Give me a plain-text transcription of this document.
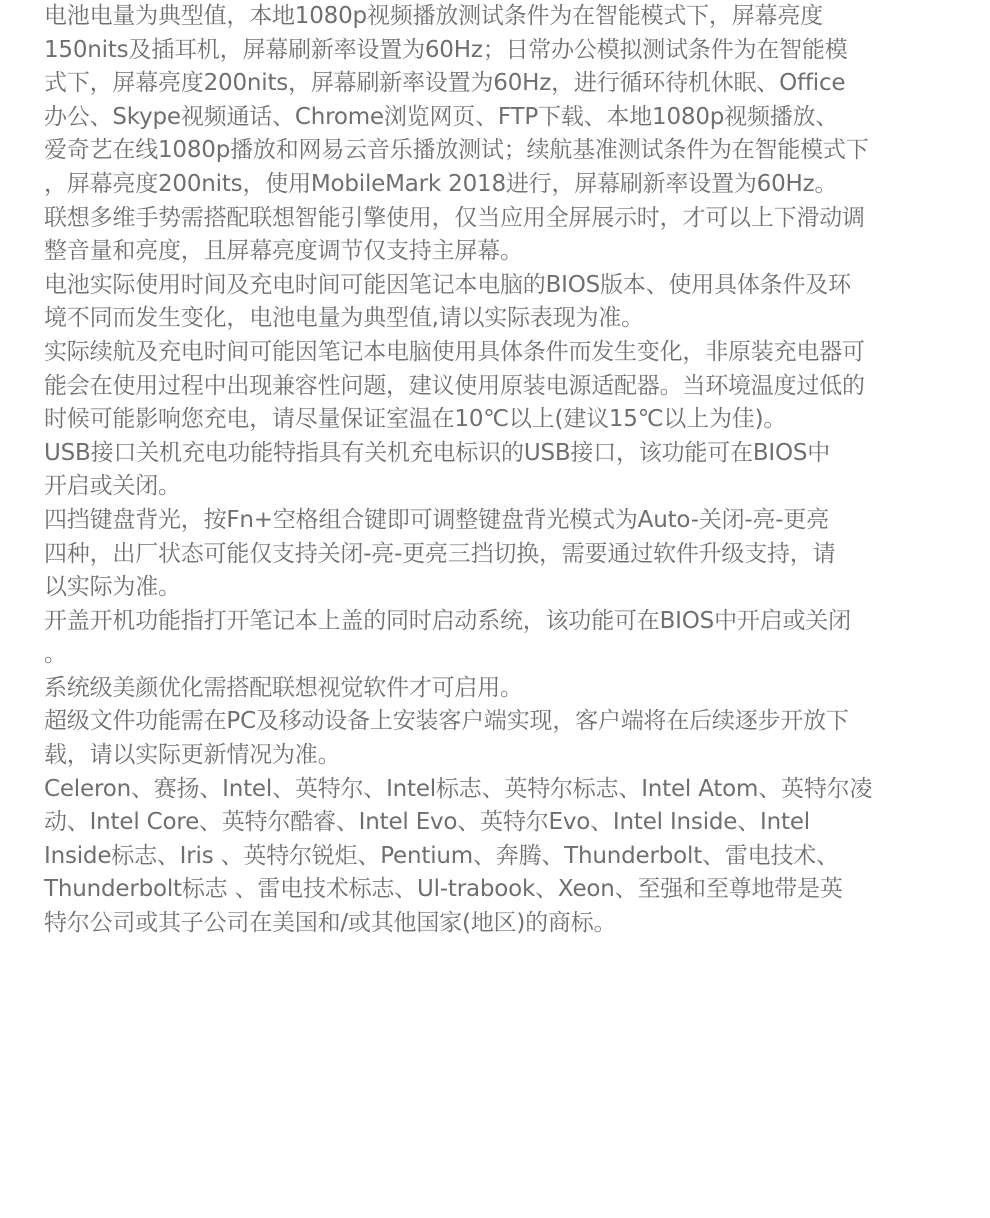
电池电量为典型值，本地1080p视频播放测试条件为在智能模式下，屏幕亮度
150nits及插耳机，屏幕刷新率设置为60Hz；日常办公模拟测试条件为在智能模
式下，屏幕亮度200nits，屏幕刷新率设置为60Hz，进行循环待机休眠、Office
办公、Skype视频通话、Chrome浏览网页、FTP下载、本地1080p视频播放、
爱奇艺在线1080p播放和网易云音乐播放测试；续航基准测试条件为在智能模式下
，屏幕亮度200nits，使用MobileMark 2018进行，屏幕刷新率设置为60Hz。
联想多维手势需搭配联想智能引擎使用，仅当应用全屏展示时，才可以上下滑动调
整音量和亮度，且屏幕亮度调节仅支持主屏幕。
电池实际使用时间及充电时间可能因笔记本电脑的BIOS版本、使用具体条件及环
境不同而发生变化，电池电量为典型值,请以实际表现为准。
实际续航及充电时间可能因笔记本电脑使用具体条件而发生变化，非原装充电器可
能会在使用过程中出现兼容性问题，建议使用原装电源适配器。当环境温度过低的
时候可能影响您充电，请尽量保证室温在10℃以上(建议15℃以上为佳)。
USB接口关机充电功能特指具有关机充电标识的USB接口，该功能可在BIOS中
开启或关闭。
四挡键盘背光，按Fn+空格组合键即可调整键盘背光模式为Auto-关闭-亮-更亮
四种，出厂状态可能仅支持关闭-亮-更亮三挡切换，需要通过软件升级支持，请
以实际为准。
开盖开机功能指打开笔记本上盖的同时启动系统，该功能可在BIOS中开启或关闭
。
系统级美颜优化需搭配联想视觉软件才可启用。
超级文件功能需在PC及移动设备上安装客户端实现，客户端将在后续逐步开放下
载，请以实际更新情况为准。
Celeron、赛扬、Intel、英特尔、Intel标志、英特尔标志、Intel Atom、英特尔凌
动、Intel Core、英特尔酷睿、Intel Evo、英特尔Evo、Intel Inside、Intel
Inside标志、Iris 、英特尔锐炬、Pentium、奔腾、Thunderbolt、雷电技术、
Thunderbolt标志 、雷电技术标志、Ul-trabook、Xeon、至强和至尊地带是英
特尔公司或其子公司在美国和/或其他国家(地区)的商标。
